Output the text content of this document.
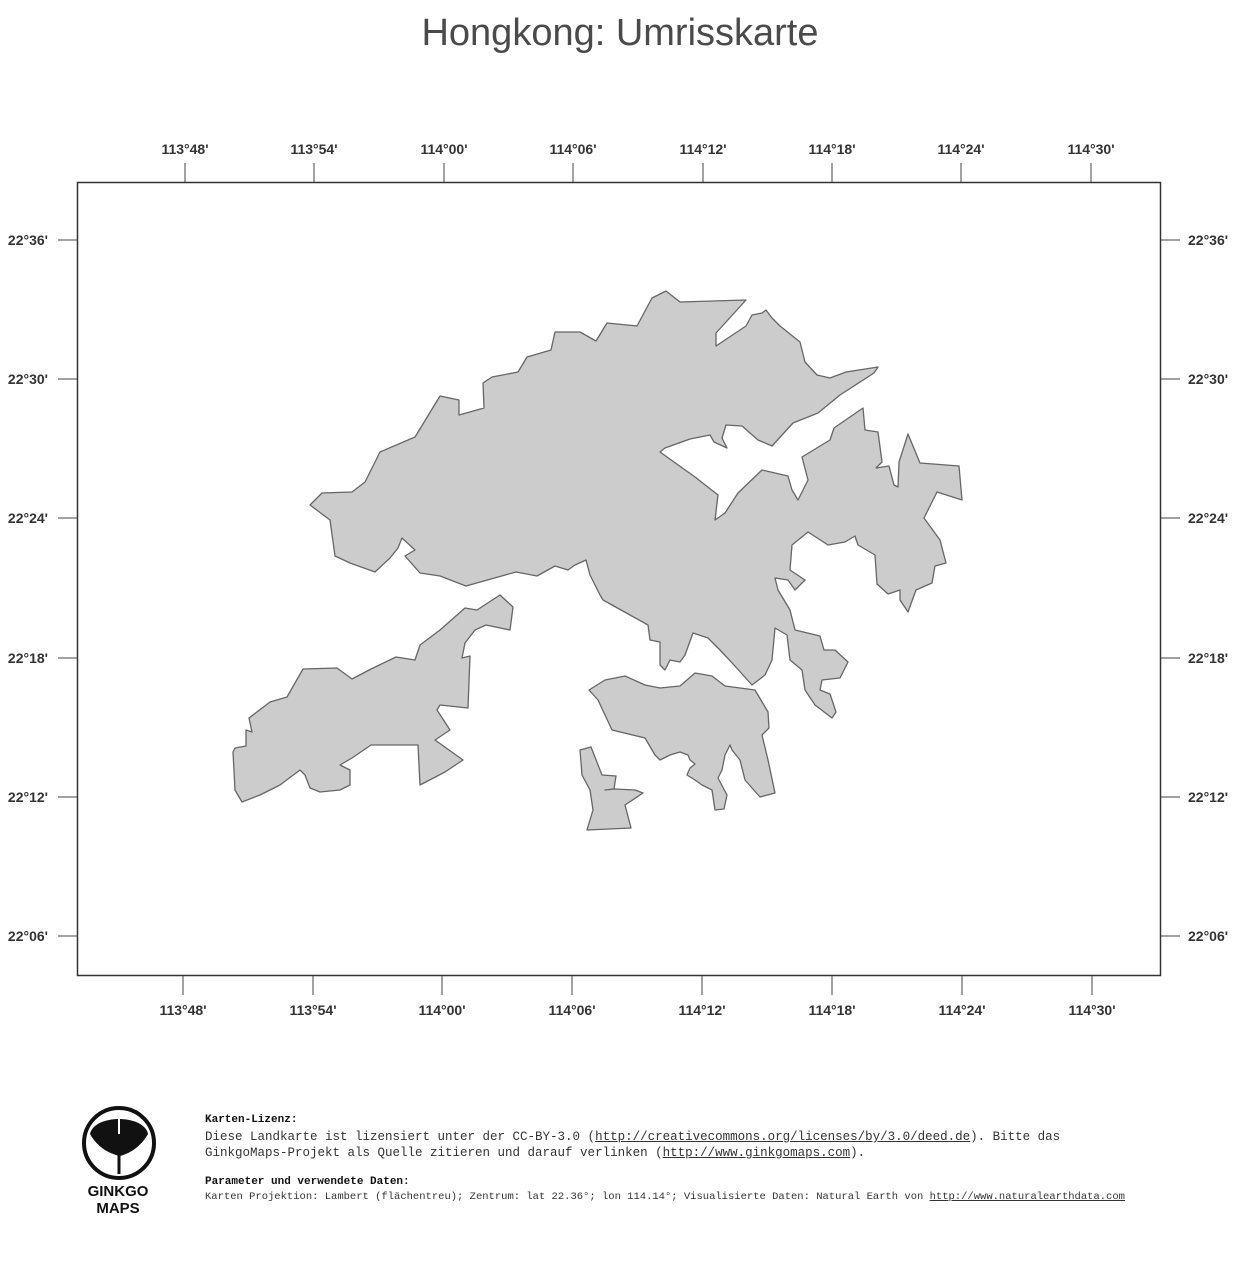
Hongkong: Umrisskarte
113°48'
113°48'
113°54'
113°54'
114°00'
114°00'
114°06'
114°06'
114°12'
114°12'
114°18'
114°18'
114°24'
114°24'
114°30'
114°30'
22°36'	22°36'
22°30'	22°30'
22°24'	22°24'
22°18'	22°18'
22°12'	22°12'
22°06'	22°06'
GINKGO
MAPS
Karten-Lizenz:
Diese Landkarte ist lizensiert unter der CC-BY-3.0 (http://creativecommons.org/licenses/by/3.0/deed.de). Bitte das
GinkgoMaps-Projekt als Quelle zitieren und darauf verlinken (http://www.ginkgomaps.com).
Parameter und verwendete Daten:
Karten Projektion: Lambert (flächentreu); Zentrum: lat 22.36°; lon 114.14°; Visualisierte Daten: Natural Earth von http://www.naturalearthdata.com
